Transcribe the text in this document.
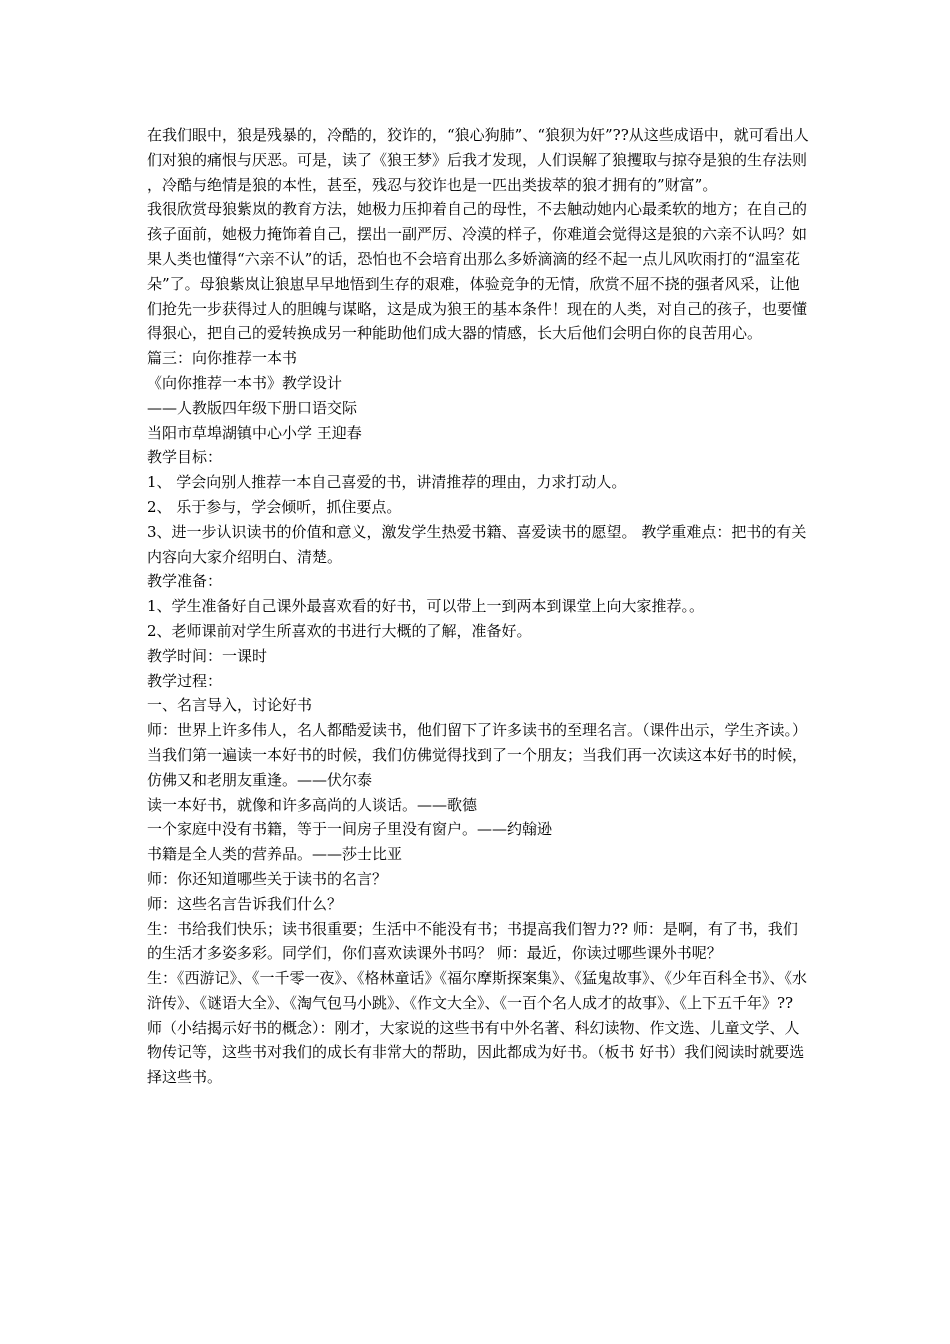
在我们眼中，狼是残暴的，冷酷的，狡诈的，“狼心狗肺”、“狼狈为奸”??从这些成语中，就可看出人们对狼的痛恨与厌恶。可是，读了《狼王梦》后我才发现，人们误解了狼攫取与掠夺是狼的生存法则，冷酷与绝情是狼的本性，甚至，残忍与狡诈也是一匹出类拔萃的狼才拥有的”财富”。

我很欣赏母狼紫岚的教育方法，她极力压抑着自己的母性，不去触动她内心最柔软的地方；在自己的孩子面前，她极力掩饰着自己，摆出一副严厉、冷漠的样子，你难道会觉得这是狼的六亲不认吗？如果人类也懂得“六亲不认”的话，恐怕也不会培育出那么多娇滴滴的经不起一点儿风吹雨打的“温室花朵”了。母狼紫岚让狼崽早早地悟到生存的艰难，体验竞争的无情，欣赏不屈不挠的强者风采，让他们抢先一步获得过人的胆魄与谋略，这是成为狼王的基本条件！现在的人类，对自己的孩子，也要懂得狠心，把自己的爱转换成另一种能助他们成大器的情感，长大后他们会明白你的良苦用心。

篇三：向你推荐一本书

《向你推荐一本书》教学设计

——人教版四年级下册口语交际

当阳市草埠湖镇中心小学 王迎春

教学目标：

1、 学会向别人推荐一本自己喜爱的书，讲清推荐的理由，力求打动人。

2、 乐于参与，学会倾听，抓住要点。

3、进一步认识读书的价值和意义，激发学生热爱书籍、喜爱读书的愿望。 教学重难点：把书的有关内容向大家介绍明白、清楚。

教学准备：

1、学生准备好自己课外最喜欢看的好书，可以带上一到两本到课堂上向大家推荐。。

2、老师课前对学生所喜欢的书进行大概的了解，准备好。

教学时间：一课时

教学过程：

一、名言导入，讨论好书

师：世界上许多伟人，名人都酷爱读书，他们留下了许多读书的至理名言。（课件出示，学生齐读。）

当我们第一遍读一本好书的时候，我们仿佛觉得找到了一个朋友；当我们再一次读这本好书的时候，仿佛又和老朋友重逢。——伏尔泰

读一本好书，就像和许多高尚的人谈话。——歌德

一个家庭中没有书籍，等于一间房子里没有窗户。——约翰逊

书籍是全人类的营养品。——莎士比亚

师：你还知道哪些关于读书的名言？

师：这些名言告诉我们什么？

生：书给我们快乐；读书很重要；生活中不能没有书；书提高我们智力?? 师：是啊，有了书，我们的生活才多姿多彩。同学们，你们喜欢读课外书吗？ 师：最近，你读过哪些课外书呢？

生：《西游记》、《一千零一夜》、《格林童话》《福尔摩斯探案集》、《猛鬼故事》、《少年百科全书》、《水浒传》、《谜语大全》、《淘气包马小跳》、《作文大全》、《一百个名人成才的故事》、《上下五千年》??

师（小结揭示好书的概念）：刚才，大家说的这些书有中外名著、科幻读物、作文选、儿童文学、人物传记等，这些书对我们的成长有非常大的帮助，因此都成为好书。（板书 好书）我们阅读时就要选择这些书。
